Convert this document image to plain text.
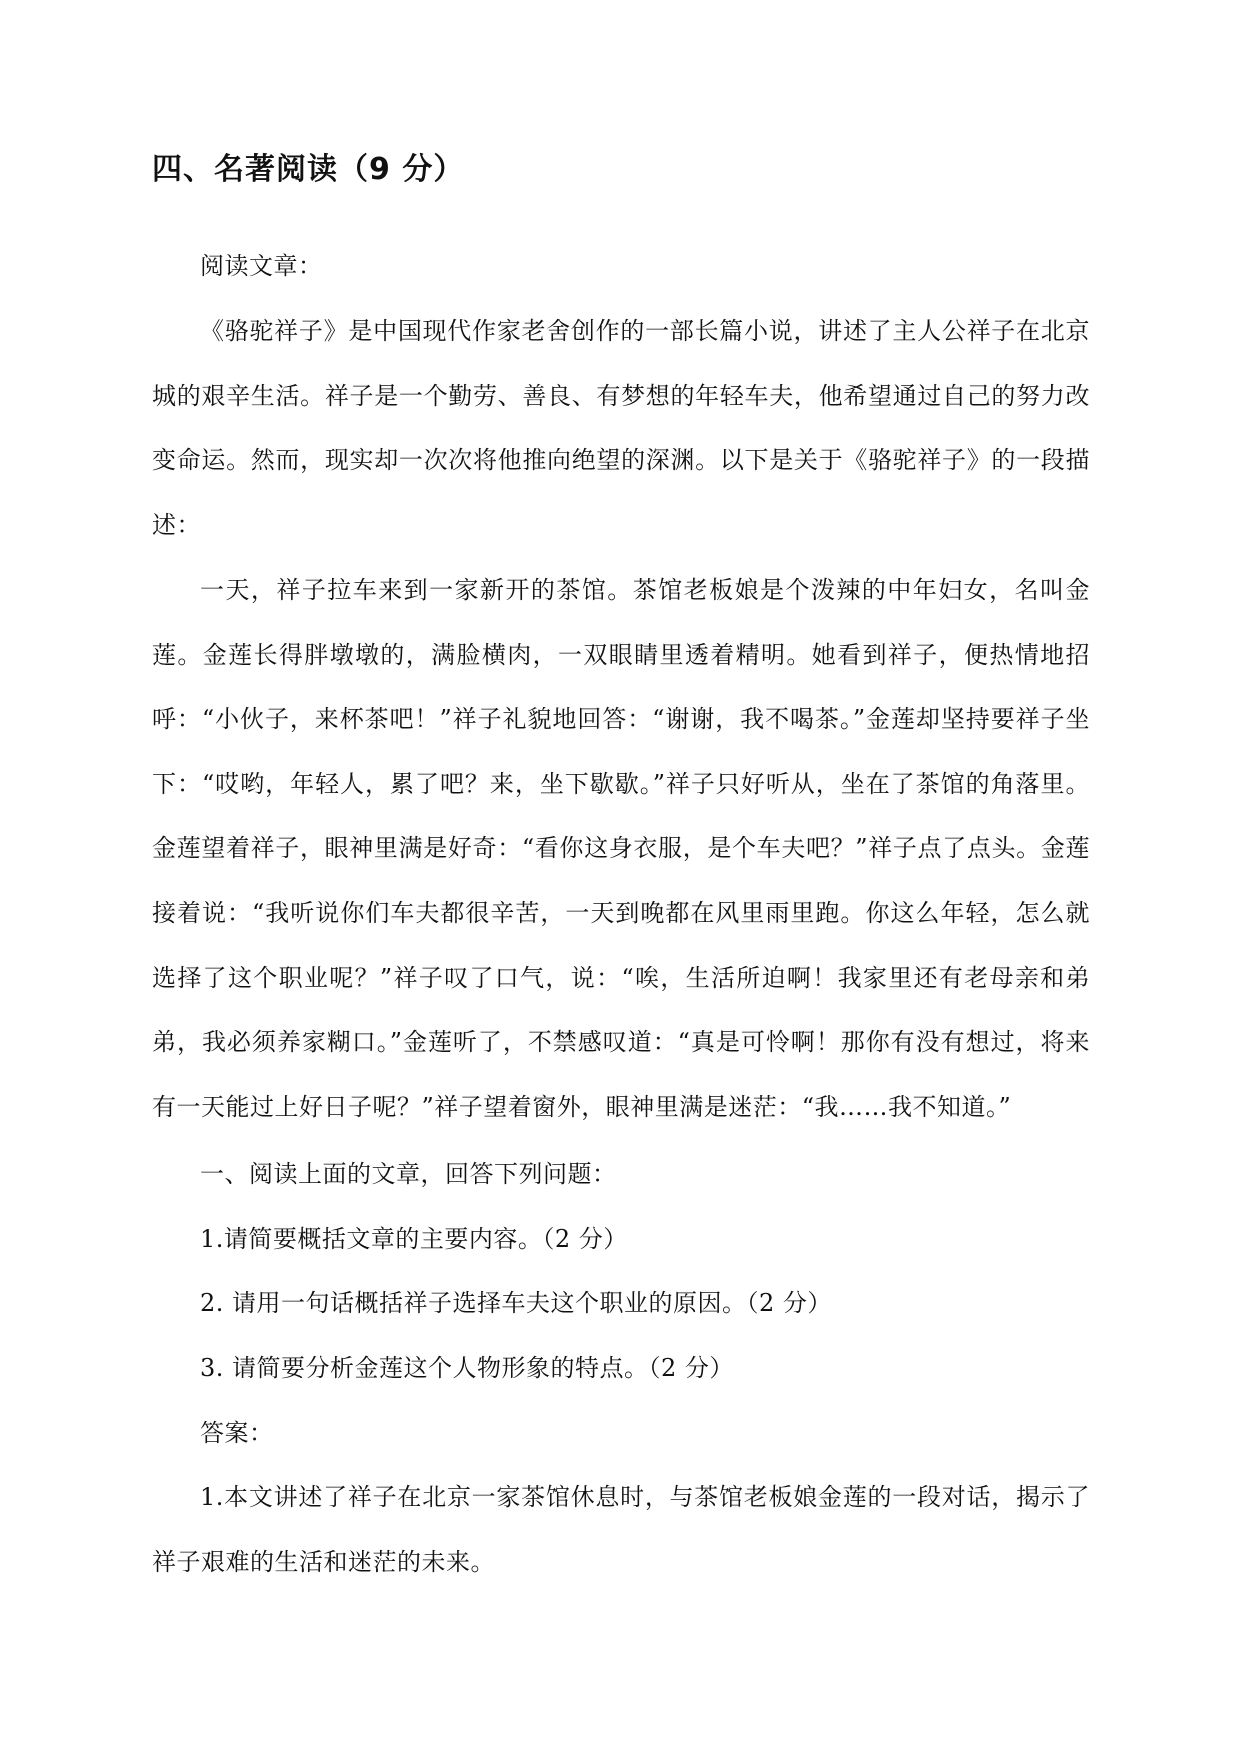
四、名著阅读（9 分）
阅读文章：
《骆驼祥子》是中国现代作家老舍创作的一部长篇小说，讲述了主人公祥子在北京城的艰辛生活。祥子是一个勤劳、善良、有梦想的年轻车夫，他希望通过自己的努力改变命运。然而，现实却一次次将他推向绝望的深渊。以下是关于《骆驼祥子》的一段描述：
一天，祥子拉车来到一家新开的茶馆。茶馆老板娘是个泼辣的中年妇女，名叫金莲。金莲长得胖墩墩的，满脸横肉，一双眼睛里透着精明。她看到祥子，便热情地招呼：“小伙子，来杯茶吧！”祥子礼貌地回答：“谢谢，我不喝茶。”金莲却坚持要祥子坐下：“哎哟，年轻人，累了吧？来，坐下歇歇。”祥子只好听从，坐在了茶馆的角落里。金莲望着祥子，眼神里满是好奇：“看你这身衣服，是个车夫吧？”祥子点了点头。金莲接着说：“我听说你们车夫都很辛苦，一天到晚都在风里雨里跑。你这么年轻，怎么就选择了这个职业呢？”祥子叹了口气，说：“唉，生活所迫啊！我家里还有老母亲和弟弟，我必须养家糊口。”金莲听了，不禁感叹道：“真是可怜啊！那你有没有想过，将来有一天能过上好日子呢？”祥子望着窗外，眼神里满是迷茫：“我……我不知道。”
一、阅读上面的文章，回答下列问题：
1.请简要概括文章的主要内容。（2 分）
2. 请用一句话概括祥子选择车夫这个职业的原因。（2 分）
3. 请简要分析金莲这个人物形象的特点。（2 分）
答案：
1.本文讲述了祥子在北京一家茶馆休息时，与茶馆老板娘金莲的一段对话，揭示了祥子艰难的生活和迷茫的未来。
